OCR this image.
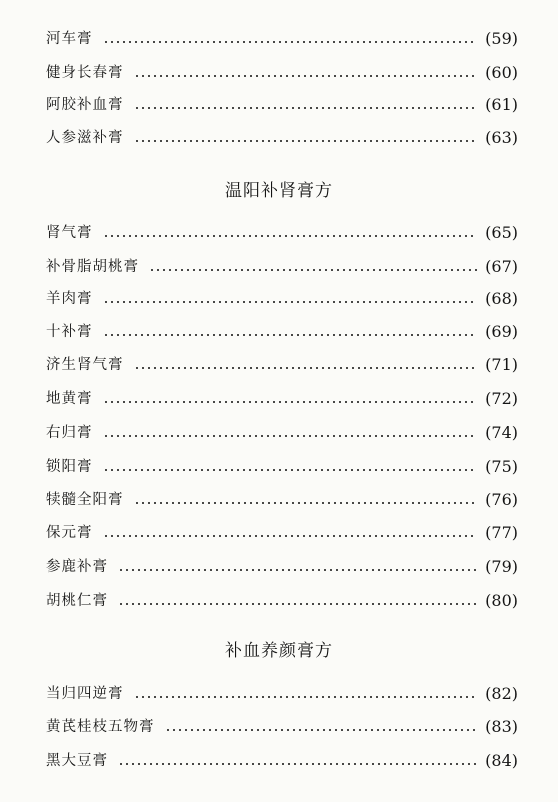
河车膏	(59)
健身长春膏	(60)
阿胶补血膏	(61)
人参滋补膏	(63)
温阳补肾膏方
肾气膏	(65)
补骨脂胡桃膏	(67)
羊肉膏	(68)
十补膏	(69)
济生肾气膏	(71)
地黄膏	(72)
右归膏	(74)
锁阳膏	(75)
犊髓全阳膏	(76)
保元膏	(77)
参鹿补膏	(79)
胡桃仁膏	(80)
补血养颜膏方
当归四逆膏	(82)
黄芪桂枝五物膏	(83)
黑大豆膏	(84)
